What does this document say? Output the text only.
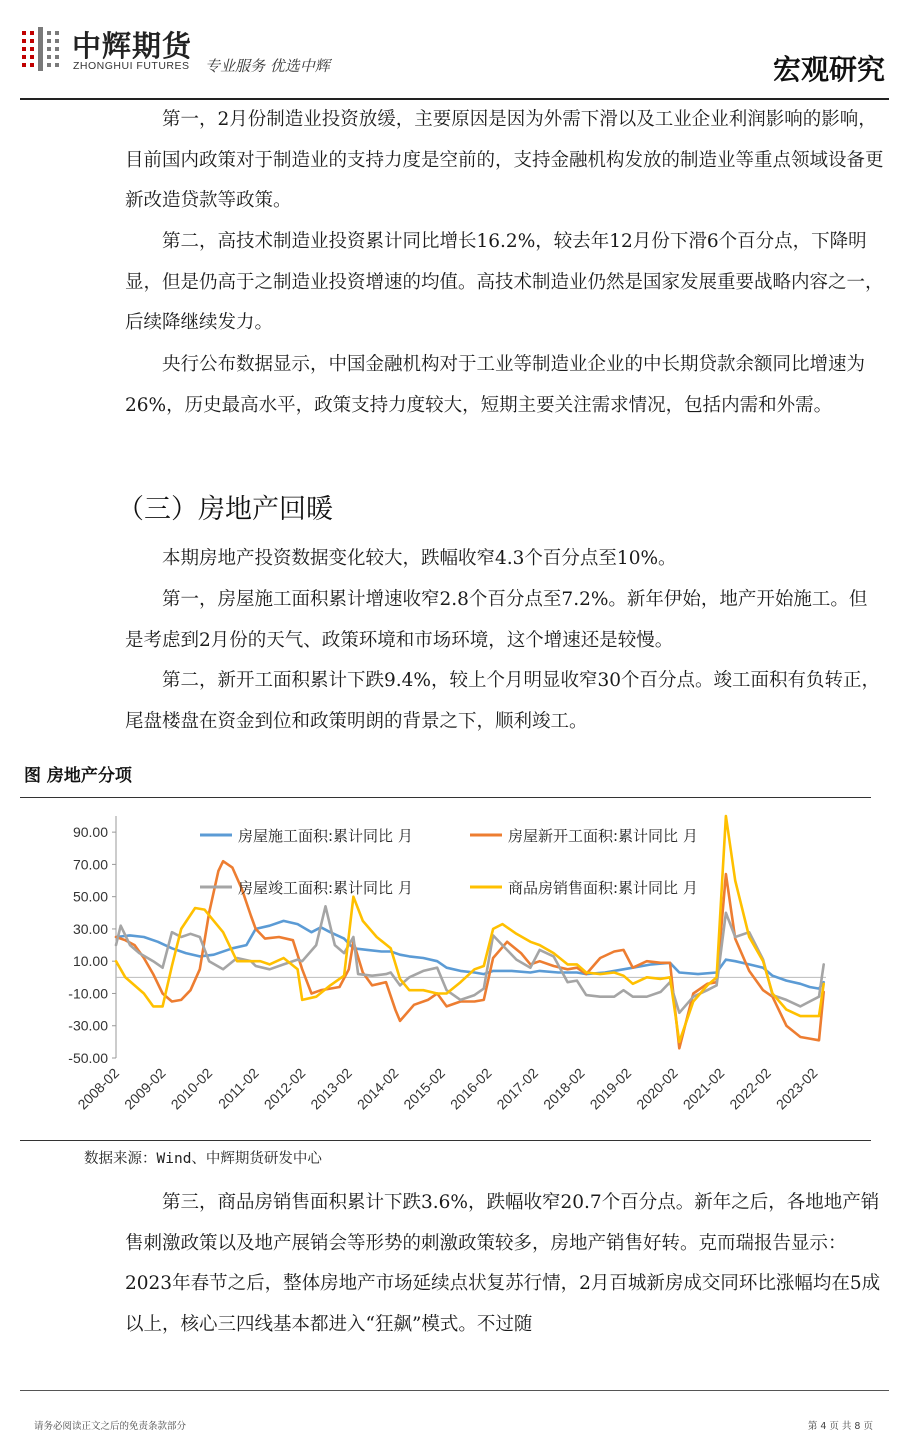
中辉期货
ZHONGHUI FUTURES 专业服务 优选中辉	宏观研究

第一，2月份制造业投资放缓，主要原因是因为外需下滑以及工业企业利润影响的影响，目前国内政策对于制造业的支持力度是空前的，支持金融机构发放的制造业等重点领域设备更新改造贷款等政策。

第二，高技术制造业投资累计同比增长16.2%，较去年12月份下滑6个百分点，下降明显，但是仍高于之制造业投资增速的均值。高技术制造业仍然是国家发展重要战略内容之一，后续降继续发力。

央行公布数据显示，中国金融机构对于工业等制造业企业的中长期贷款余额同比增速为26%，历史最高水平，政策支持力度较大，短期主要关注需求情况，包括内需和外需。

（三）房地产回暖

本期房地产投资数据变化较大，跌幅收窄4.3个百分点至10%。

第一，房屋施工面积累计增速收窄2.8个百分点至7.2%。新年伊始，地产开始施工。但是考虑到2月份的天气、政策环境和市场环境，这个增速还是较慢。

第二，新开工面积累计下跌9.4%，较上个月明显收窄30个百分点。竣工面积有负转正，尾盘楼盘在资金到位和政策明朗的背景之下，顺利竣工。

图 房地产分项
90.00
70.00
50.00
30.00
10.00
-10.00
-30.00
-50.00
2008-02
2009-02
2010-02 2011-02
2012-02
2013-02
2014-02
2015-02
2016-02
2017-02
2018-02
2019-02
2020-02
2021-02
2022-02
2023-02
房屋施工面积:累计同比 月	房屋新开工面积:累计同比 月
房屋竣工面积:累计同比 月	商品房销售面积:累计同比 月
数据来源：Wind、中辉期货研发中心

第三，商品房销售面积累计下跌3.6%，跌幅收窄20.7个百分点。新年之后，各地地产销售刺激政策以及地产展销会等形势的刺激政策较多，房地产销售好转。克而瑞报告显示：2023年春节之后，整体房地产市场延续点状复苏行情，2月百城新房成交同环比涨幅均在5成以上，核心三四线基本都进入“狂飙”模式。不过随

请务必阅读正文之后的免责条款部分	第 4 页 共 8 页
